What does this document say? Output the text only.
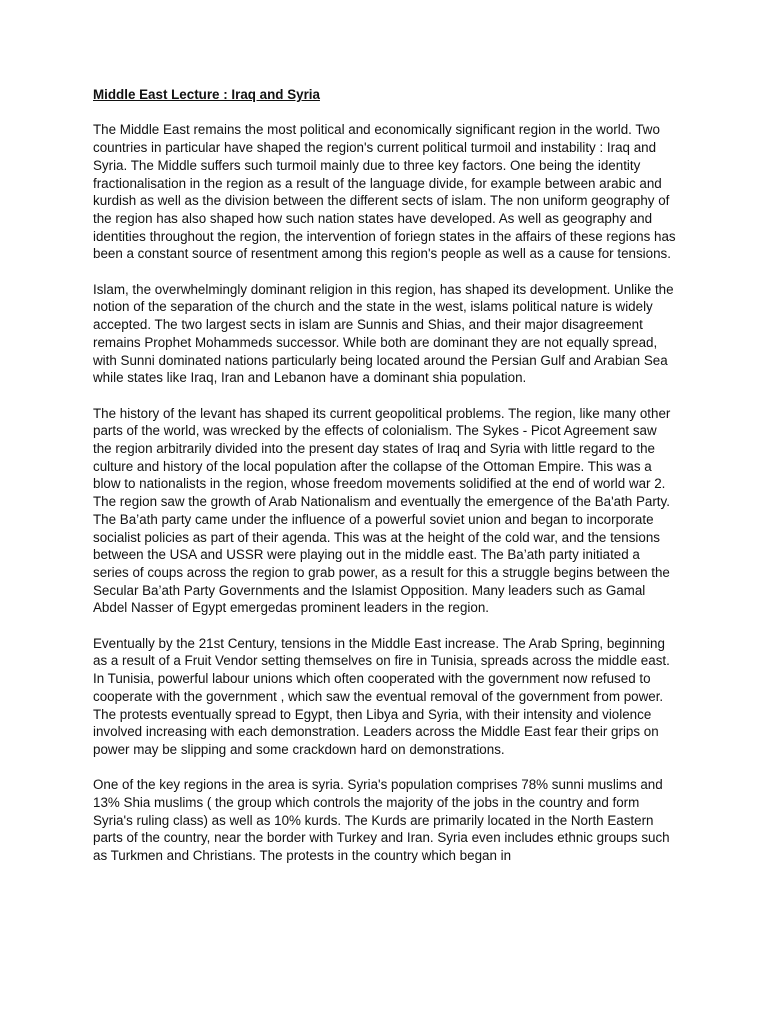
Middle East Lecture : Iraq and Syria

The Middle East remains the most political and economically significant region in the world. Two countries in particular have shaped the region's current political turmoil and instability : Iraq and Syria. The Middle suffers such turmoil mainly due to three key factors. One being the identity fractionalisation in the region as a result of the language divide, for example between arabic and kurdish as well as the division between the different sects of islam. The non uniform geography of the region has also shaped how such nation states have developed. As well as geography and identities throughout the region, the intervention of foriegn states in the affairs of these regions has been a constant source of resentment among this region's people as well as a cause for tensions.

Islam, the overwhelmingly dominant religion in this region, has shaped its development. Unlike the notion of the separation of the church and the state in the west, islams political nature is widely accepted. The two largest sects in islam are Sunnis and Shias, and their major disagreement remains Prophet Mohammeds successor. While both are dominant they are not equally spread, with Sunni dominated nations particularly being located around the Persian Gulf and Arabian Sea while states like Iraq, Iran and Lebanon have a dominant shia population.

The history of the levant has shaped its current geopolitical problems. The region, like many other parts of the world, was wrecked by the effects of colonialism. The Sykes - Picot Agreement saw the region arbitrarily divided into the present day states of Iraq and Syria with little regard to the culture and history of the local population after the collapse of the Ottoman Empire. This was a blow to nationalists in the region, whose freedom movements solidified at the end of world war 2. The region saw the growth of Arab Nationalism and eventually the emergence of the Ba'ath Party. The Ba’ath party came under the influence of a powerful soviet union and began to incorporate socialist policies as part of their agenda. This was at the height of the cold war, and the tensions between the USA and USSR were playing out in the middle east. The Ba’ath party initiated a series of coups across the region to grab power, as a result for this a struggle begins between the Secular Ba’ath Party Governments and the Islamist Opposition. Many leaders such as Gamal Abdel Nasser of Egypt emergedas prominent leaders in the region.

Eventually by the 21st Century, tensions in the Middle East increase. The Arab Spring, beginning as a result of a Fruit Vendor setting themselves on fire in Tunisia, spreads across the middle east. In Tunisia, powerful labour unions which often cooperated with the government now refused to cooperate with the government , which saw the eventual removal of the government from power. The protests eventually spread to Egypt, then Libya and Syria, with their intensity and violence involved increasing with each demonstration. Leaders across the Middle East fear their grips on power may be slipping and some crackdown hard on demonstrations.

One of the key regions in the area is syria. Syria's population comprises 78% sunni muslims and 13% Shia muslims ( the group which controls the majority of the jobs in the country and form Syria's ruling class) as well as 10% kurds. The Kurds are primarily located in the North Eastern parts of the country, near the border with Turkey and Iran. Syria even includes ethnic groups such as Turkmen and Christians. The protests in the country which began in
